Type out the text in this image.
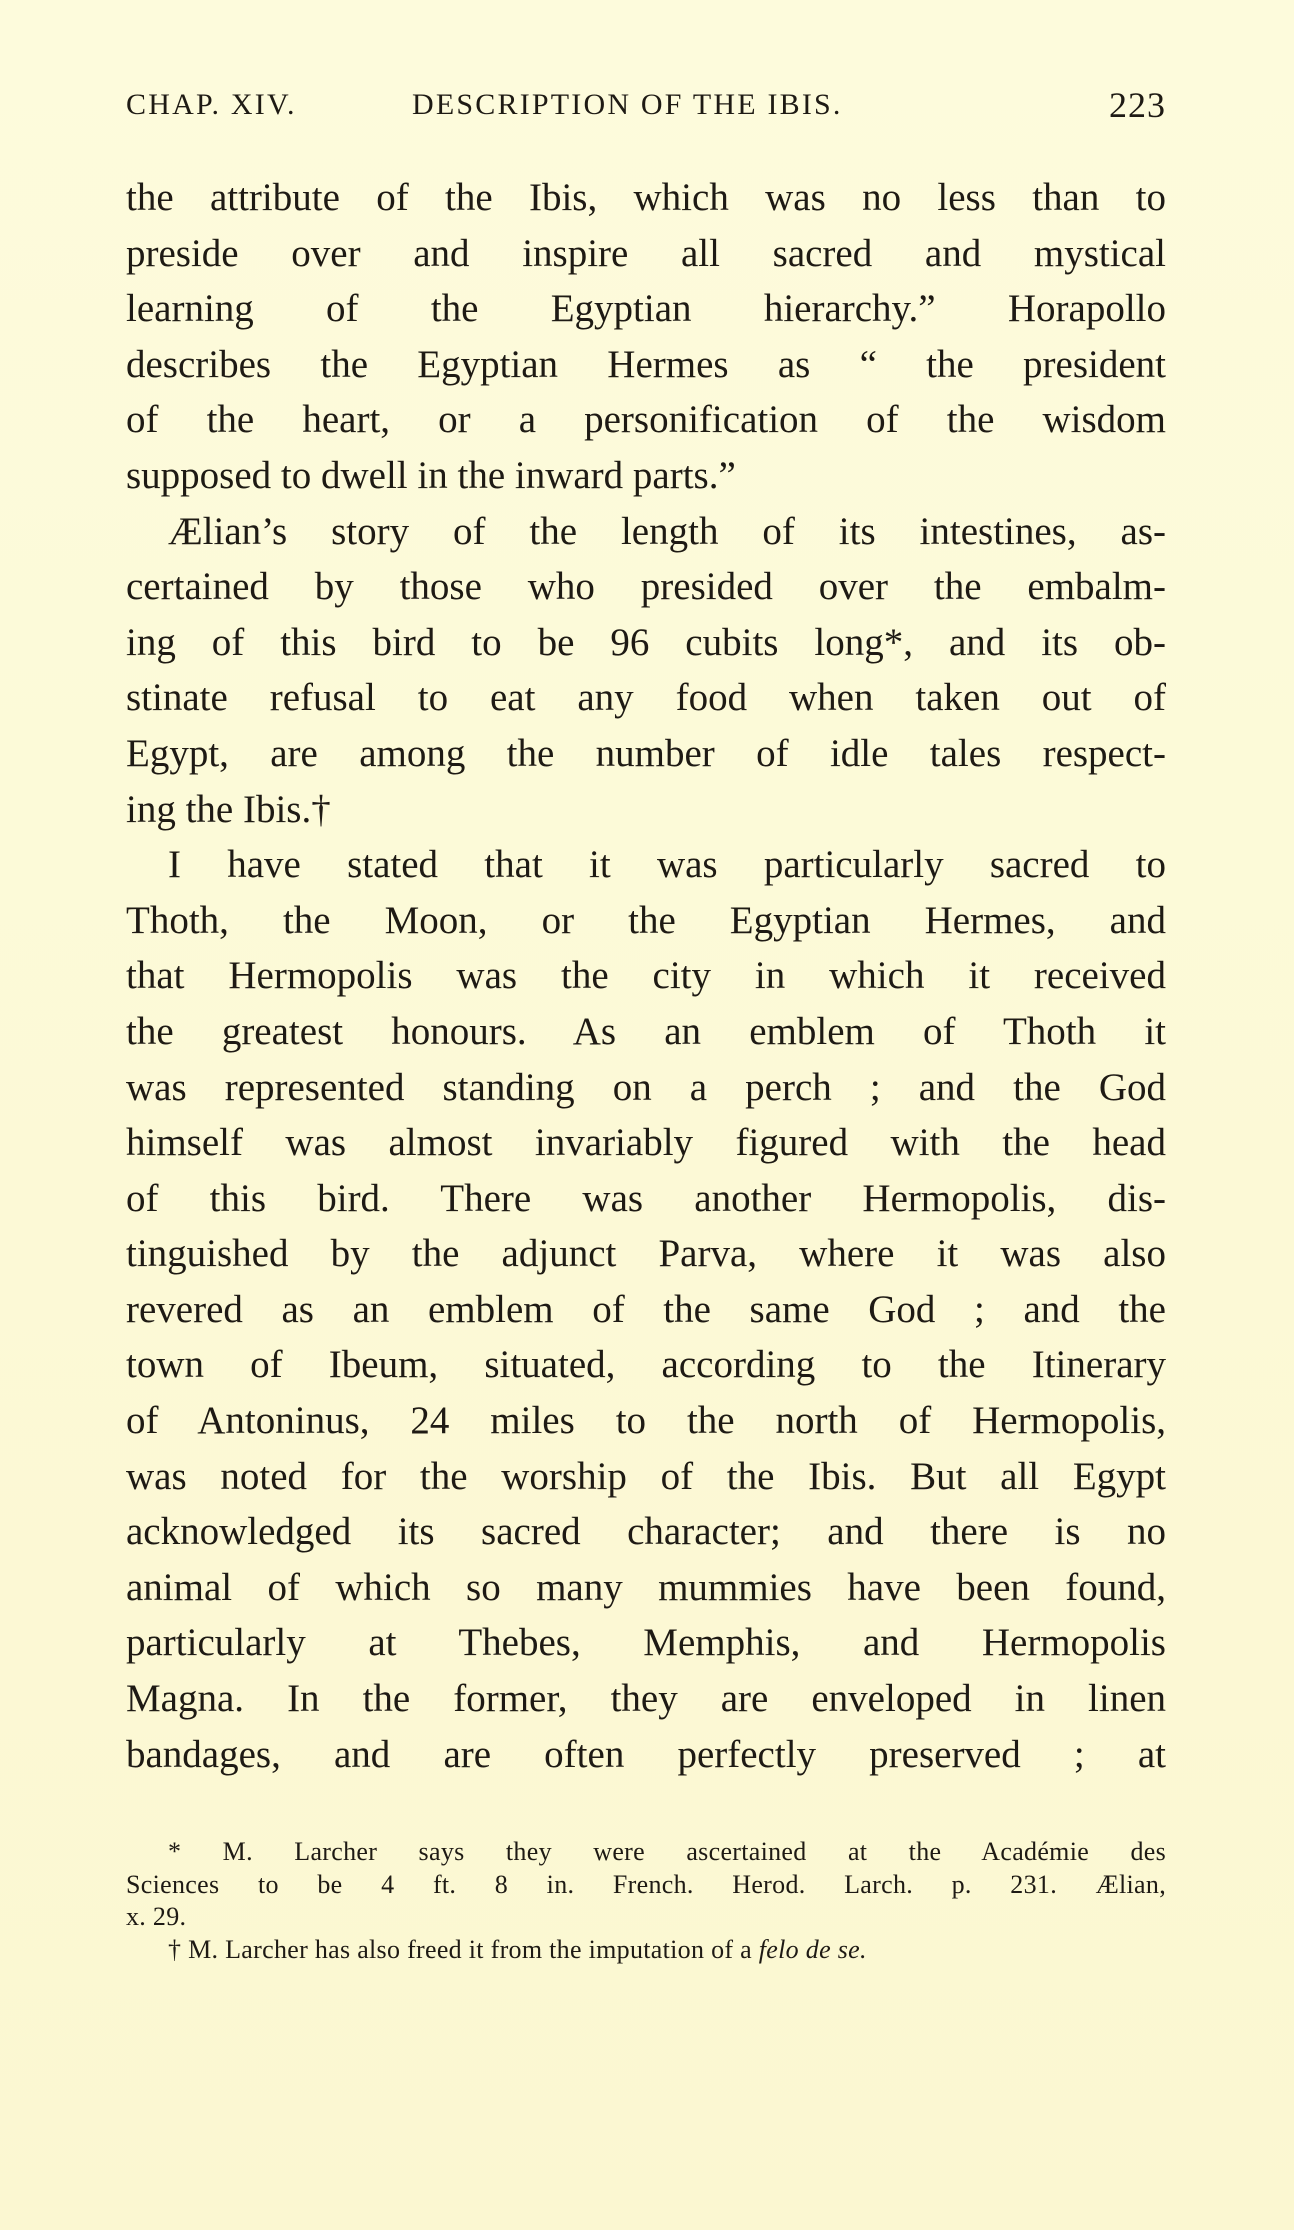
CHAP. XIV.	DESCRIPTION OF THE IBIS.	223
the attribute of the Ibis, which was no less than to
preside over and inspire all sacred and mystical
learning of the Egyptian hierarchy.” Horapollo
describes the Egyptian Hermes as “ the president
of the heart, or a personification of the wisdom
supposed to dwell in the inward parts.”
Ælian’s story of the length of its intestines, as-
certained by those who presided over the embalm-
ing of this bird to be 96 cubits long*, and its ob-
stinate refusal to eat any food when taken out of
Egypt, are among the number of idle tales respect-
ing the Ibis.†
I have stated that it was particularly sacred to
Thoth, the Moon, or the Egyptian Hermes, and
that Hermopolis was the city in which it received
the greatest honours. As an emblem of Thoth it
was represented standing on a perch ; and the God
himself was almost invariably figured with the head
of this bird. There was another Hermopolis, dis-
tinguished by the adjunct Parva, where it was also
revered as an emblem of the same God ; and the
town of Ibeum, situated, according to the Itinerary
of Antoninus, 24 miles to the north of Hermopolis,
was noted for the worship of the Ibis. But all Egypt
acknowledged its sacred character; and there is no
animal of which so many mummies have been found,
particularly at Thebes, Memphis, and Hermopolis
Magna. In the former, they are enveloped in linen
bandages, and are often perfectly preserved ; at
* M. Larcher says they were ascertained at the Académie des
Sciences to be 4 ft. 8 in. French. Herod. Larch. p. 231. Ælian,
x. 29.
† M. Larcher has also freed it from the imputation of a felo de se.
